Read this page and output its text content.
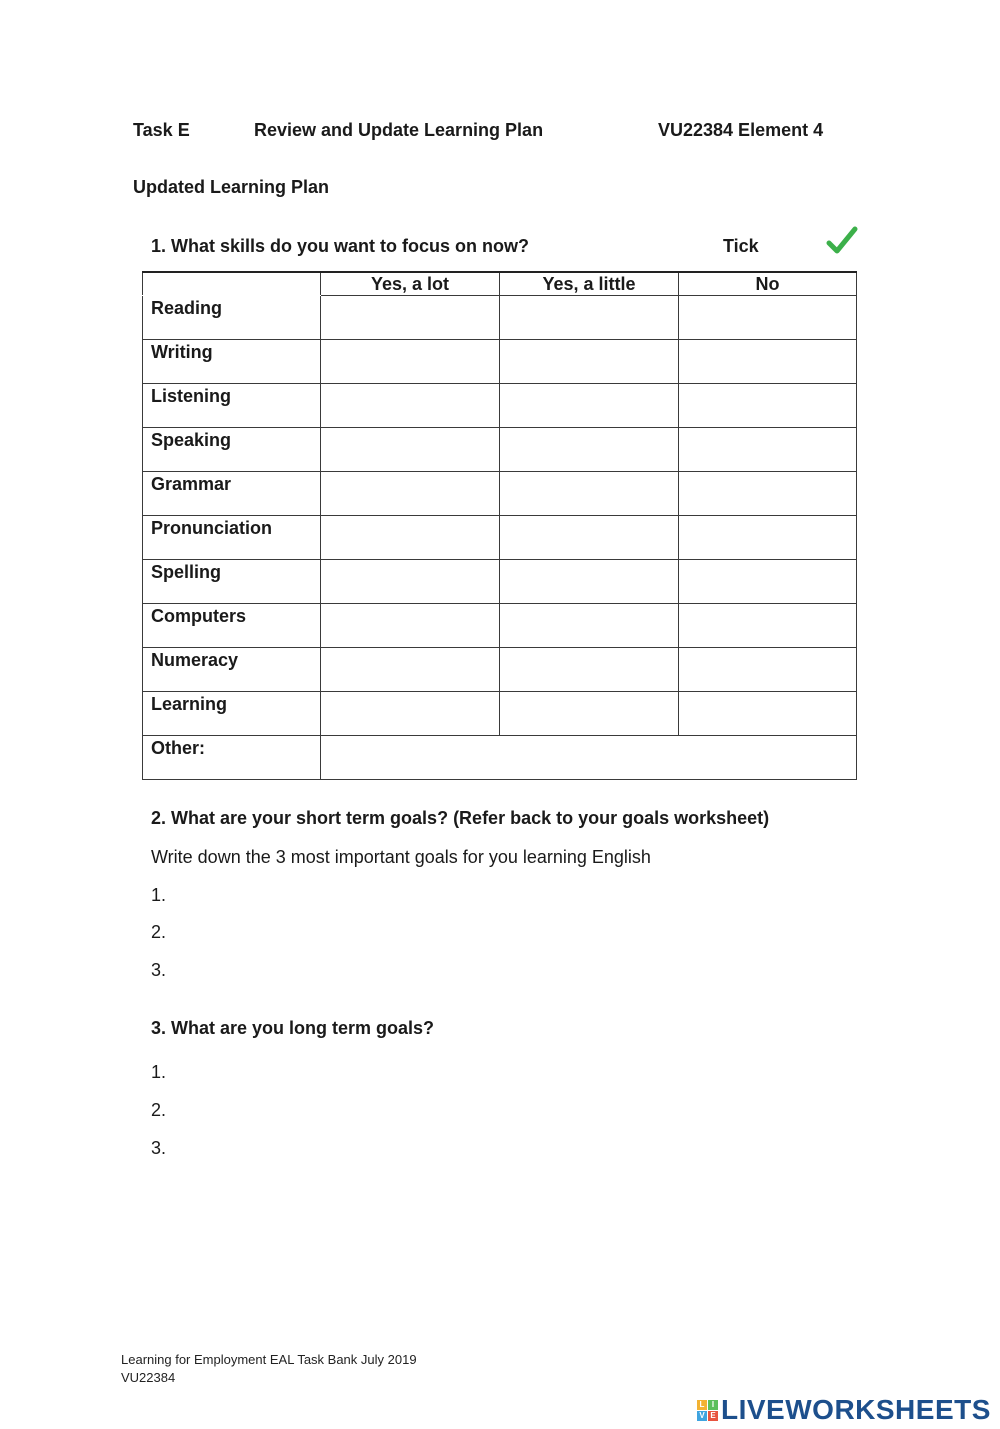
Task E	Review and Update Learning Plan	VU22384 Element 4
Updated Learning Plan
1. What skills do you want to focus on now?	Tick
	Yes, a lot	Yes, a little	No
Reading			
Writing			
Listening			
Speaking			
Grammar			
Pronunciation			
Spelling			
Computers			
Numeracy			
Learning			
Other:			
2. What are your short term goals? (Refer back to your goals worksheet)
Write down the 3 most important goals for you learning English
1.
2.
3.
3. What are you long term goals?
1.
2.
3.
Learning for Employment EAL Task Bank July 2019
VU22384
L I
V E LIVEWORKSHEETS
